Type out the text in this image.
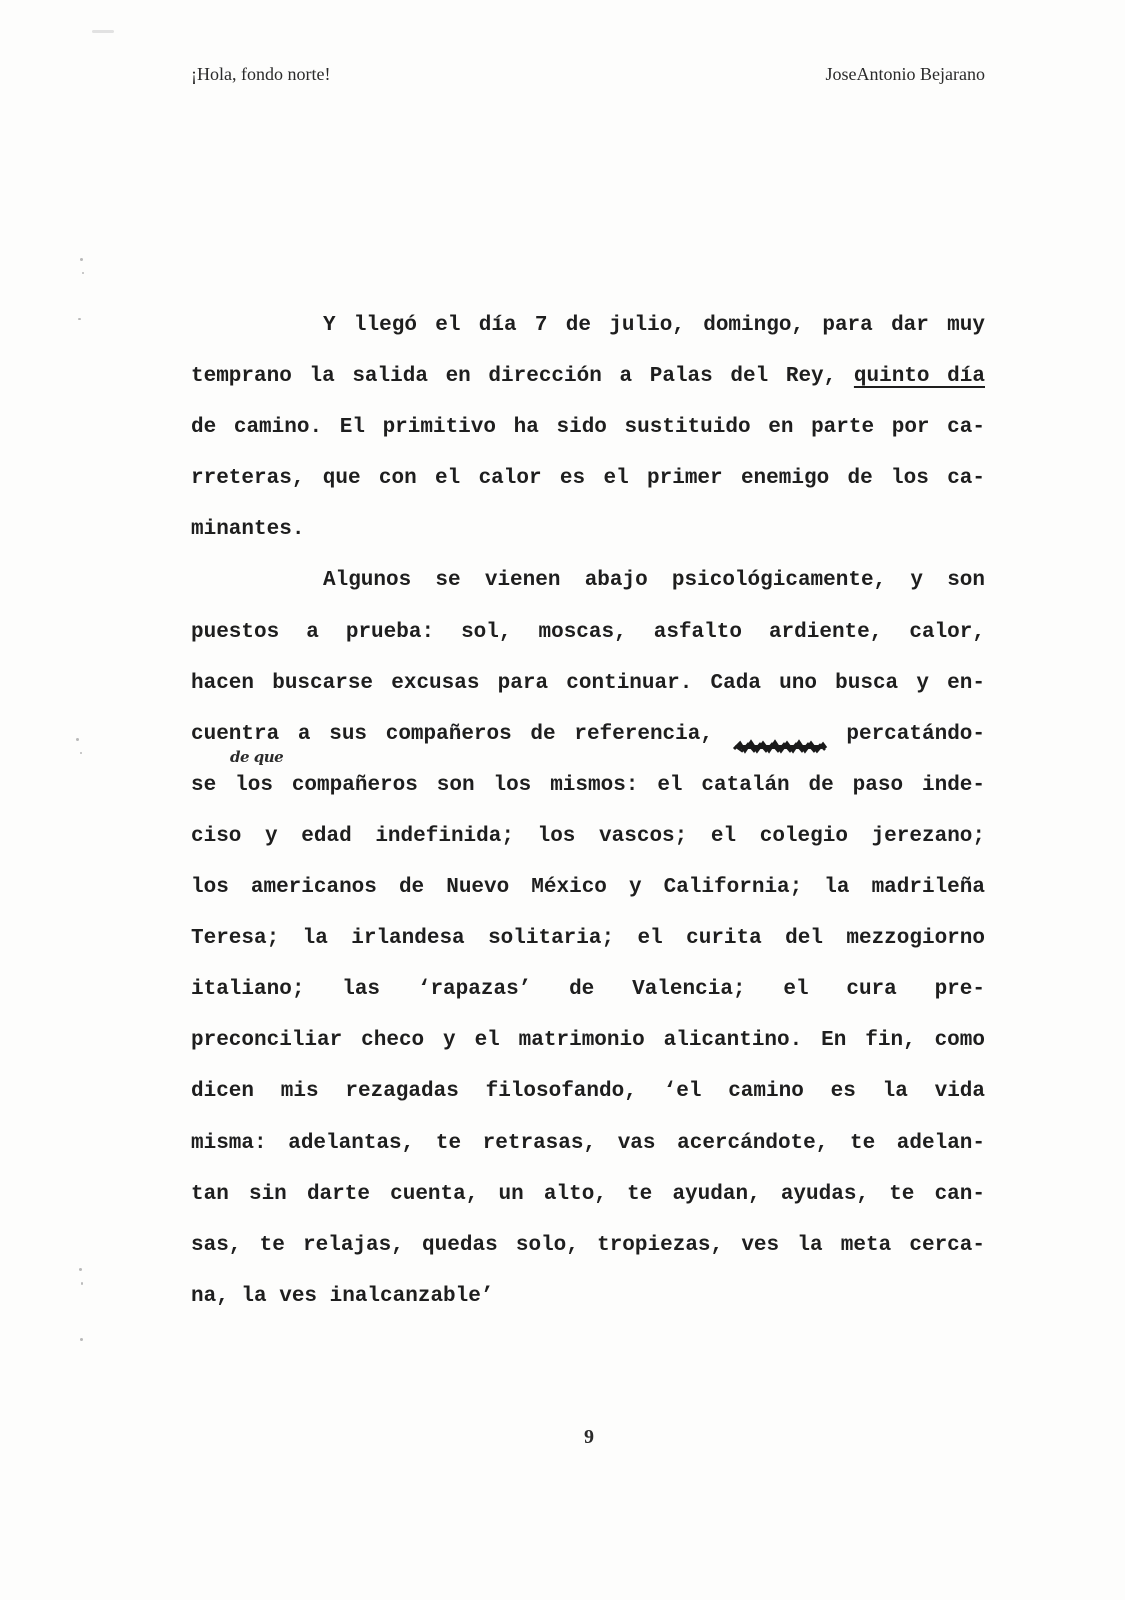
¡Hola, fondo norte!	JoseAntonio Bejarano
Y llegó el día 7 de julio, domingo, para dar muy
temprano la salida en dirección a Palas del Rey, quinto día
de camino. El primitivo ha sido sustituido en parte por ca-
rreteras, que con el calor es el primer enemigo de los ca-
minantes.
Algunos se vienen abajo psicológicamente, y son
puestos a prueba: sol, moscas, asfalto ardiente, calor,
hacen buscarse excusas para continuar. Cada uno busca y en-
cuentra a sus compañeros de referencia,	percatándo-
se los compañeros son los mismos: el catalán de paso inde-
ciso y edad indefinida; los vascos; el colegio jerezano;
los americanos de Nuevo México y California; la madrileña
Teresa; la irlandesa solitaria; el curita del mezzogiorno
italiano; las ‘rapazas’ de Valencia; el cura pre-
preconciliar checo y el matrimonio alicantino. En fin, como
dicen mis rezagadas filosofando, ‘el camino es la vida
misma: adelantas, te retrasas, vas acercándote, te adelan-
tan sin darte cuenta, un alto, te ayudan, ayudas, te can-
sas, te relajas, quedas solo, tropiezas, ves la meta cerca-
na, la ves inalcanzable’
de que
9
